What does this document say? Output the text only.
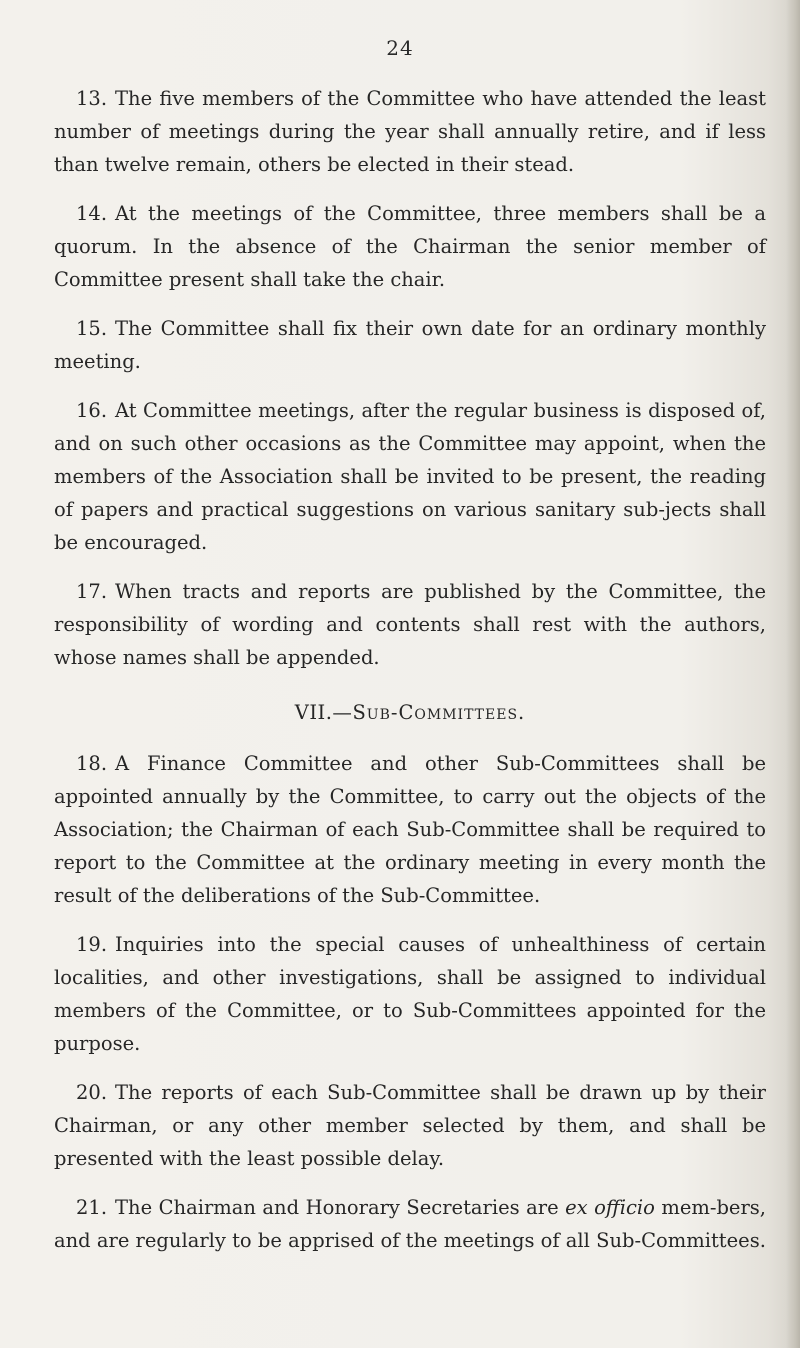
24

13. The five members of the Committee who have attended the least number of meetings during the year shall annually retire, and if less than twelve remain, others be elected in their stead.

14. At the meetings of the Committee, three members shall be a quorum. In the absence of the Chairman the senior member of Committee present shall take the chair.

15. The Committee shall fix their own date for an ordinary monthly meeting.

16. At Committee meetings, after the regular business is disposed of, and on such other occasions as the Committee may appoint, when the members of the Association shall be invited to be present, the reading of papers and practical suggestions on various sanitary sub-jects shall be encouraged.

17. When tracts and reports are published by the Committee, the responsibility of wording and contents shall rest with the authors, whose names shall be appended.

VII.—Sub-Committees.

18. A Finance Committee and other Sub-Committees shall be appointed annually by the Committee, to carry out the objects of the Association; the Chairman of each Sub-Committee shall be required to report to the Committee at the ordinary meeting in every month the result of the deliberations of the Sub-Committee.

19. Inquiries into the special causes of unhealthiness of certain localities, and other investigations, shall be assigned to individual members of the Committee, or to Sub-Committees appointed for the purpose.

20. The reports of each Sub-Committee shall be drawn up by their Chairman, or any other member selected by them, and shall be presented with the least possible delay.

21. The Chairman and Honorary Secretaries are ex officio mem-bers, and are regularly to be apprised of the meetings of all Sub-Committees.
